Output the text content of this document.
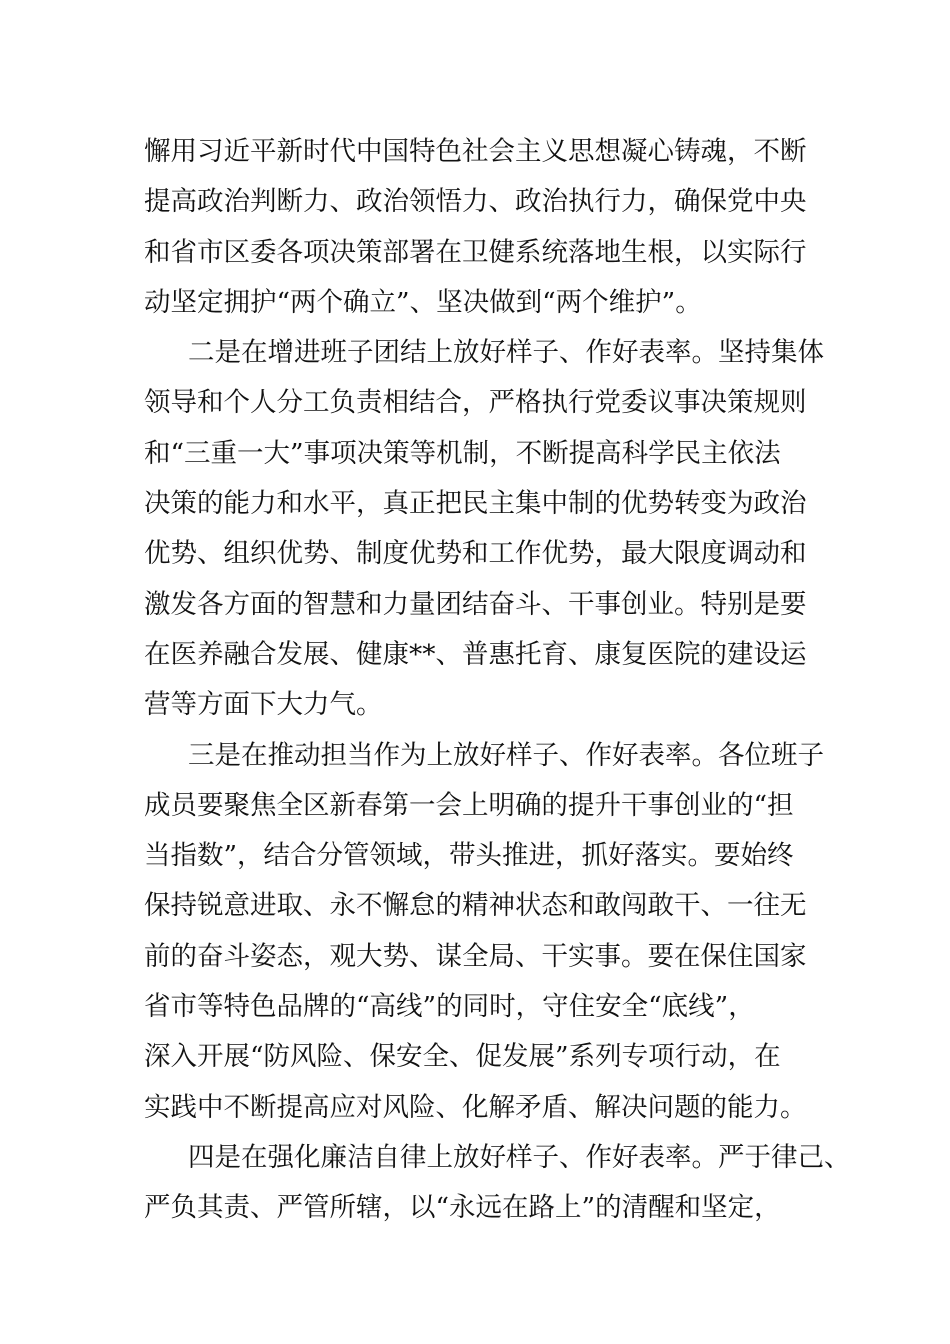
懈用习近平新时代中国特色社会主义思想凝心铸魂，不断
提高政治判断力、政治领悟力、政治执行力，确保党中央
和省市区委各项决策部署在卫健系统落地生根，以实际行
动坚定拥护“两个确立”、坚决做到“两个维护”。
二是在增进班子团结上放好样子、作好表率。坚持集体
领导和个人分工负责相结合，严格执行党委议事决策规则
和“三重一大”事项决策等机制，不断提高科学民主依法
决策的能力和水平，真正把民主集中制的优势转变为政治
优势、组织优势、制度优势和工作优势，最大限度调动和
激发各方面的智慧和力量团结奋斗、干事创业。特别是要
在医养融合发展、健康**、普惠托育、康复医院的建设运
营等方面下大力气。
三是在推动担当作为上放好样子、作好表率。各位班子
成员要聚焦全区新春第一会上明确的提升干事创业的“担
当指数”，结合分管领域，带头推进，抓好落实。要始终
保持锐意进取、永不懈怠的精神状态和敢闯敢干、一往无
前的奋斗姿态，观大势、谋全局、干实事。要在保住国家
省市等特色品牌的“高线”的同时，守住安全“底线”，
深入开展“防风险、保安全、促发展”系列专项行动，在
实践中不断提高应对风险、化解矛盾、解决问题的能力。
四是在强化廉洁自律上放好样子、作好表率。严于律己、
严负其责、严管所辖，以“永远在路上”的清醒和坚定，
